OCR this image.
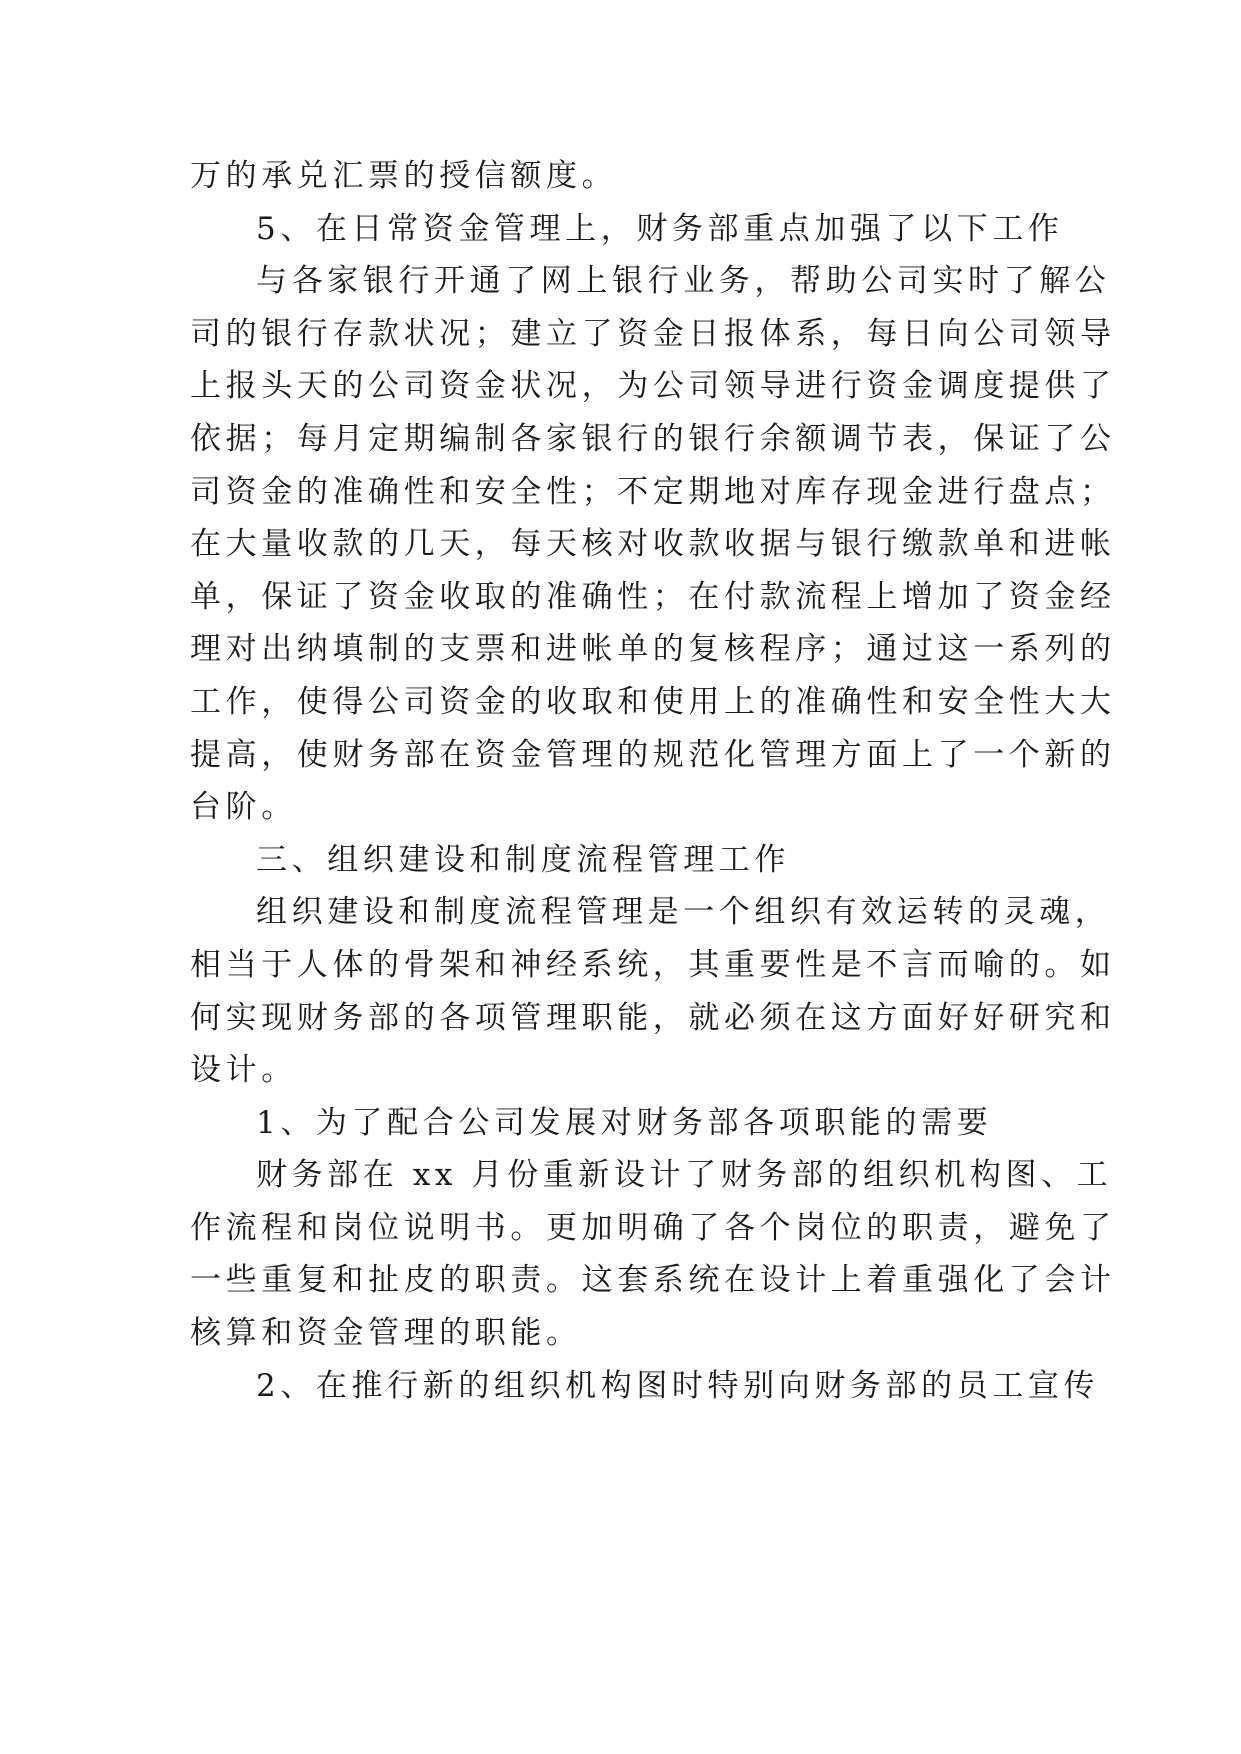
万的承兑汇票的授信额度。
5、在日常资金管理上，财务部重点加强了以下工作
与各家银行开通了网上银行业务，帮助公司实时了解公
司的银行存款状况；建立了资金日报体系，每日向公司领导
上报头天的公司资金状况，为公司领导进行资金调度提供了
依据；每月定期编制各家银行的银行余额调节表，保证了公
司资金的准确性和安全性；不定期地对库存现金进行盘点；
在大量收款的几天，每天核对收款收据与银行缴款单和进帐
单，保证了资金收取的准确性；在付款流程上增加了资金经
理对出纳填制的支票和进帐单的复核程序；通过这一系列的
工作，使得公司资金的收取和使用上的准确性和安全性大大
提高，使财务部在资金管理的规范化管理方面上了一个新的
台阶。
三、组织建设和制度流程管理工作
组织建设和制度流程管理是一个组织有效运转的灵魂，
相当于人体的骨架和神经系统，其重要性是不言而喻的。如
何实现财务部的各项管理职能，就必须在这方面好好研究和
设计。
1、为了配合公司发展对财务部各项职能的需要
财务部在 xx 月份重新设计了财务部的组织机构图、工
作流程和岗位说明书。更加明确了各个岗位的职责，避免了
一些重复和扯皮的职责。这套系统在设计上着重强化了会计
核算和资金管理的职能。
2、在推行新的组织机构图时特别向财务部的员工宣传
